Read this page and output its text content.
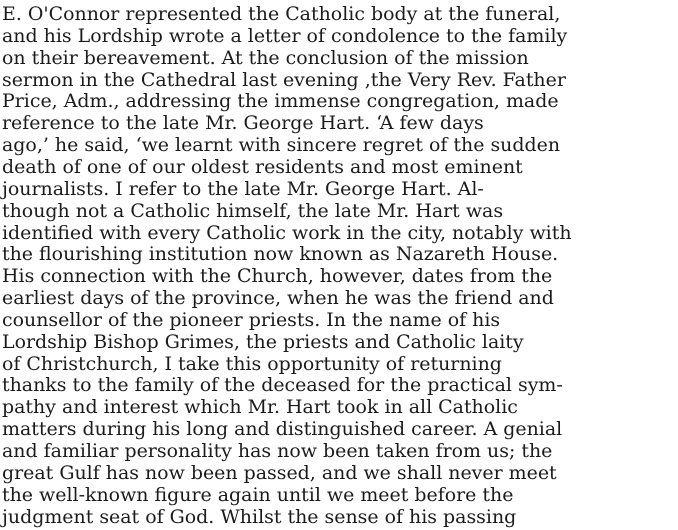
E. O'Connor represented the Catholic body at the funeral,
and his Lordship wrote a letter of condolence to the family
on their bereavement. At the conclusion of the mission
sermon in the Cathedral last evening ,the Very Rev. Father
Price, Adm., addressing the immense congregation, made
reference to the late Mr. George Hart. ‘A few days
ago,’ he said, ‘we learnt with sincere regret of the sudden
death of one of our oldest residents and most eminent
journalists. I refer to the late Mr. George Hart. Al-
though not a Catholic himself, the late Mr. Hart was
identified with every Catholic work in the city, notably with
the flourishing institution now known as Nazareth House.
His connection with the Church, however, dates from the
earliest days of the province, when he was the friend and
counsellor of the pioneer priests. In the name of his
Lordship Bishop Grimes, the priests and Catholic laity
of Christchurch, I take this opportunity of returning
thanks to the family of the deceased for the practical sym-
pathy and interest which Mr. Hart took in all Catholic
matters during his long and distinguished career. A genial
and familiar personality has now been taken from us; the
great Gulf has now been passed, and we shall never meet
the well-known figure again until we meet before the
judgment seat of God. Whilst the sense of his passing
